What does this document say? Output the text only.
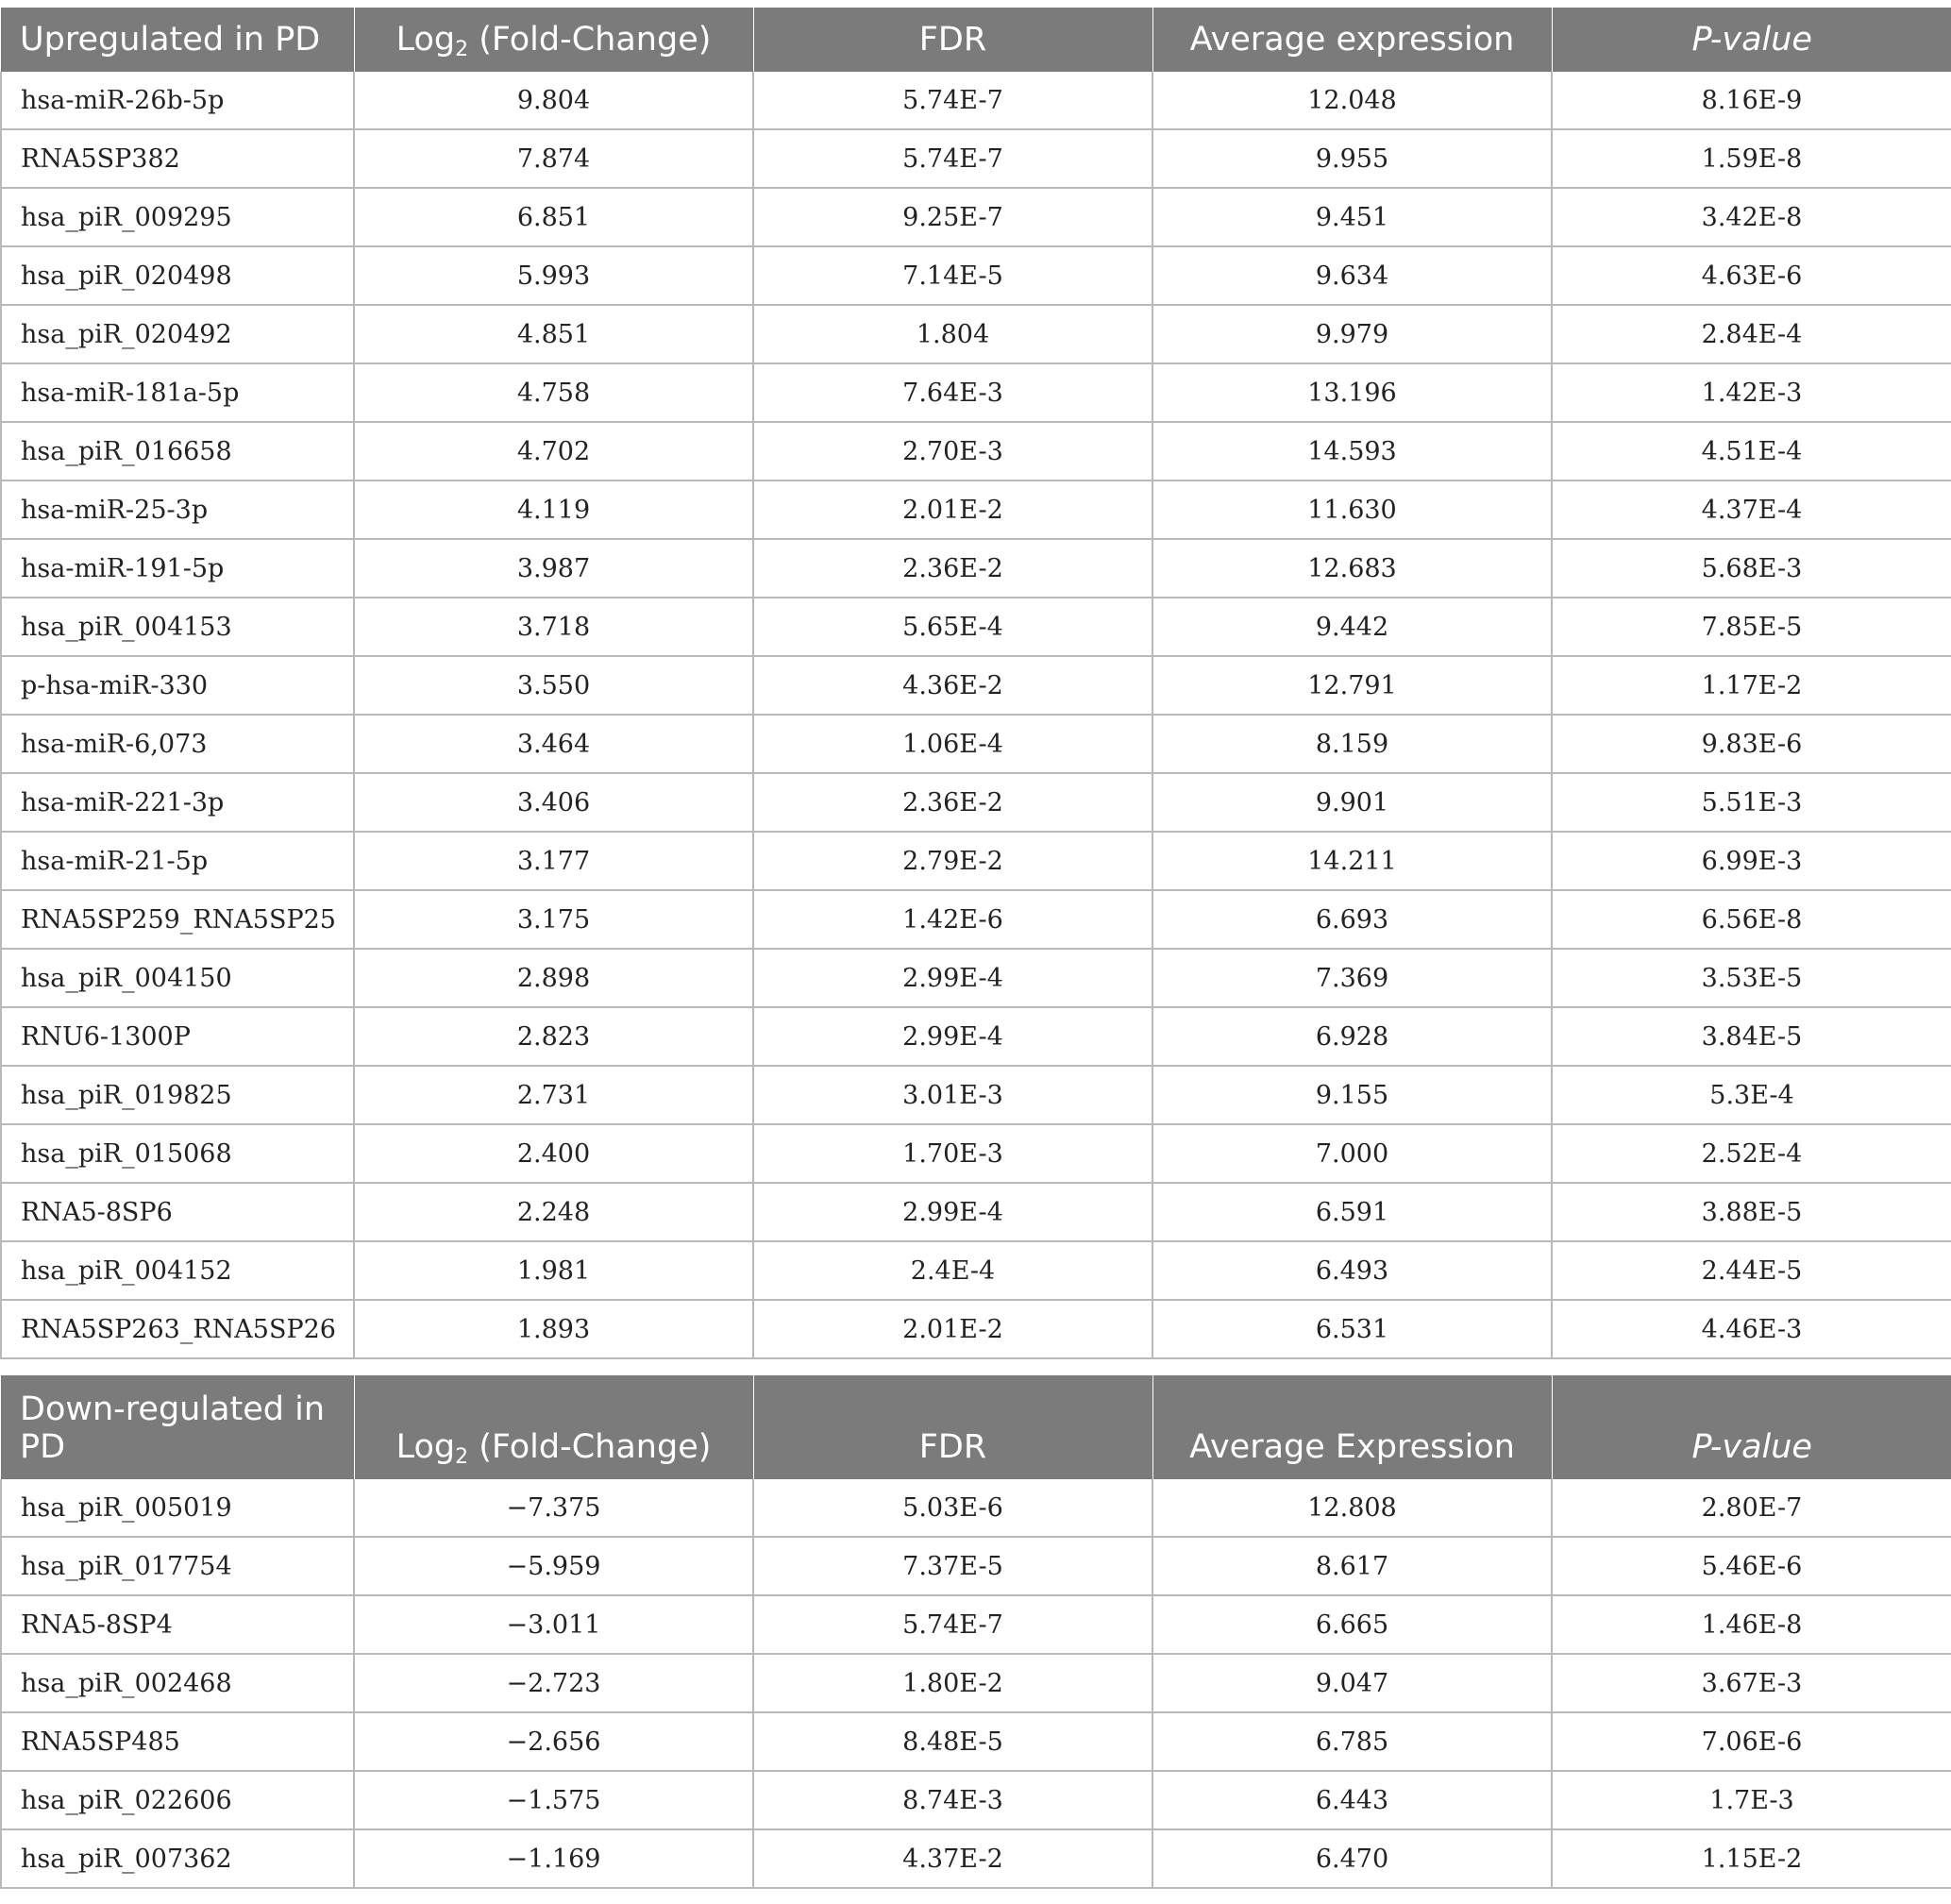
Upregulated in PD	Log$_2$ (Fold-Change)	FDR	Average expression	P-value
hsa-miR-26b-5p	9.804	5.74E-7	12.048	8.16E-9
RNA5SP382	7.874	5.74E-7	9.955	1.59E-8
hsa_piR_009295	6.851	9.25E-7	9.451	3.42E-8
hsa_piR_020498	5.993	7.14E-5	9.634	4.63E-6
hsa_piR_020492	4.851	1.804	9.979	2.84E-4
hsa-miR-181a-5p	4.758	7.64E-3	13.196	1.42E-3
hsa_piR_016658	4.702	2.70E-3	14.593	4.51E-4
hsa-miR-25-3p	4.119	2.01E-2	11.630	4.37E-4
hsa-miR-191-5p	3.987	2.36E-2	12.683	5.68E-3
hsa_piR_004153	3.718	5.65E-4	9.442	7.85E-5
p-hsa-miR-330	3.550	4.36E-2	12.791	1.17E-2
hsa-miR-6,073	3.464	1.06E-4	8.159	9.83E-6
hsa-miR-221-3p	3.406	2.36E-2	9.901	5.51E-3
hsa-miR-21-5p	3.177	2.79E-2	14.211	6.99E-3
RNA5SP259_RNA5SP25	3.175	1.42E-6	6.693	6.56E-8
hsa_piR_004150	2.898	2.99E-4	7.369	3.53E-5
RNU6-1300P	2.823	2.99E-4	6.928	3.84E-5
hsa_piR_019825	2.731	3.01E-3	9.155	5.3E-4
hsa_piR_015068	2.400	1.70E-3	7.000	2.52E-4
RNA5-8SP6	2.248	2.99E-4	6.591	3.88E-5
hsa_piR_004152	1.981	2.4E-4	6.493	2.44E-5
RNA5SP263_RNA5SP26	1.893	2.01E-2	6.531	4.46E-3
Down-regulated in PD	Log$_2$ (Fold-Change)	FDR	Average Expression	P-value
hsa_piR_005019	−7.375	5.03E-6	12.808	2.80E-7
hsa_piR_017754	−5.959	7.37E-5	8.617	5.46E-6
RNA5-8SP4	−3.011	5.74E-7	6.665	1.46E-8
hsa_piR_002468	−2.723	1.80E-2	9.047	3.67E-3
RNA5SP485	−2.656	8.48E-5	6.785	7.06E-6
hsa_piR_022606	−1.575	8.74E-3	6.443	1.7E-3
hsa_piR_007362	−1.169	4.37E-2	6.470	1.15E-2
